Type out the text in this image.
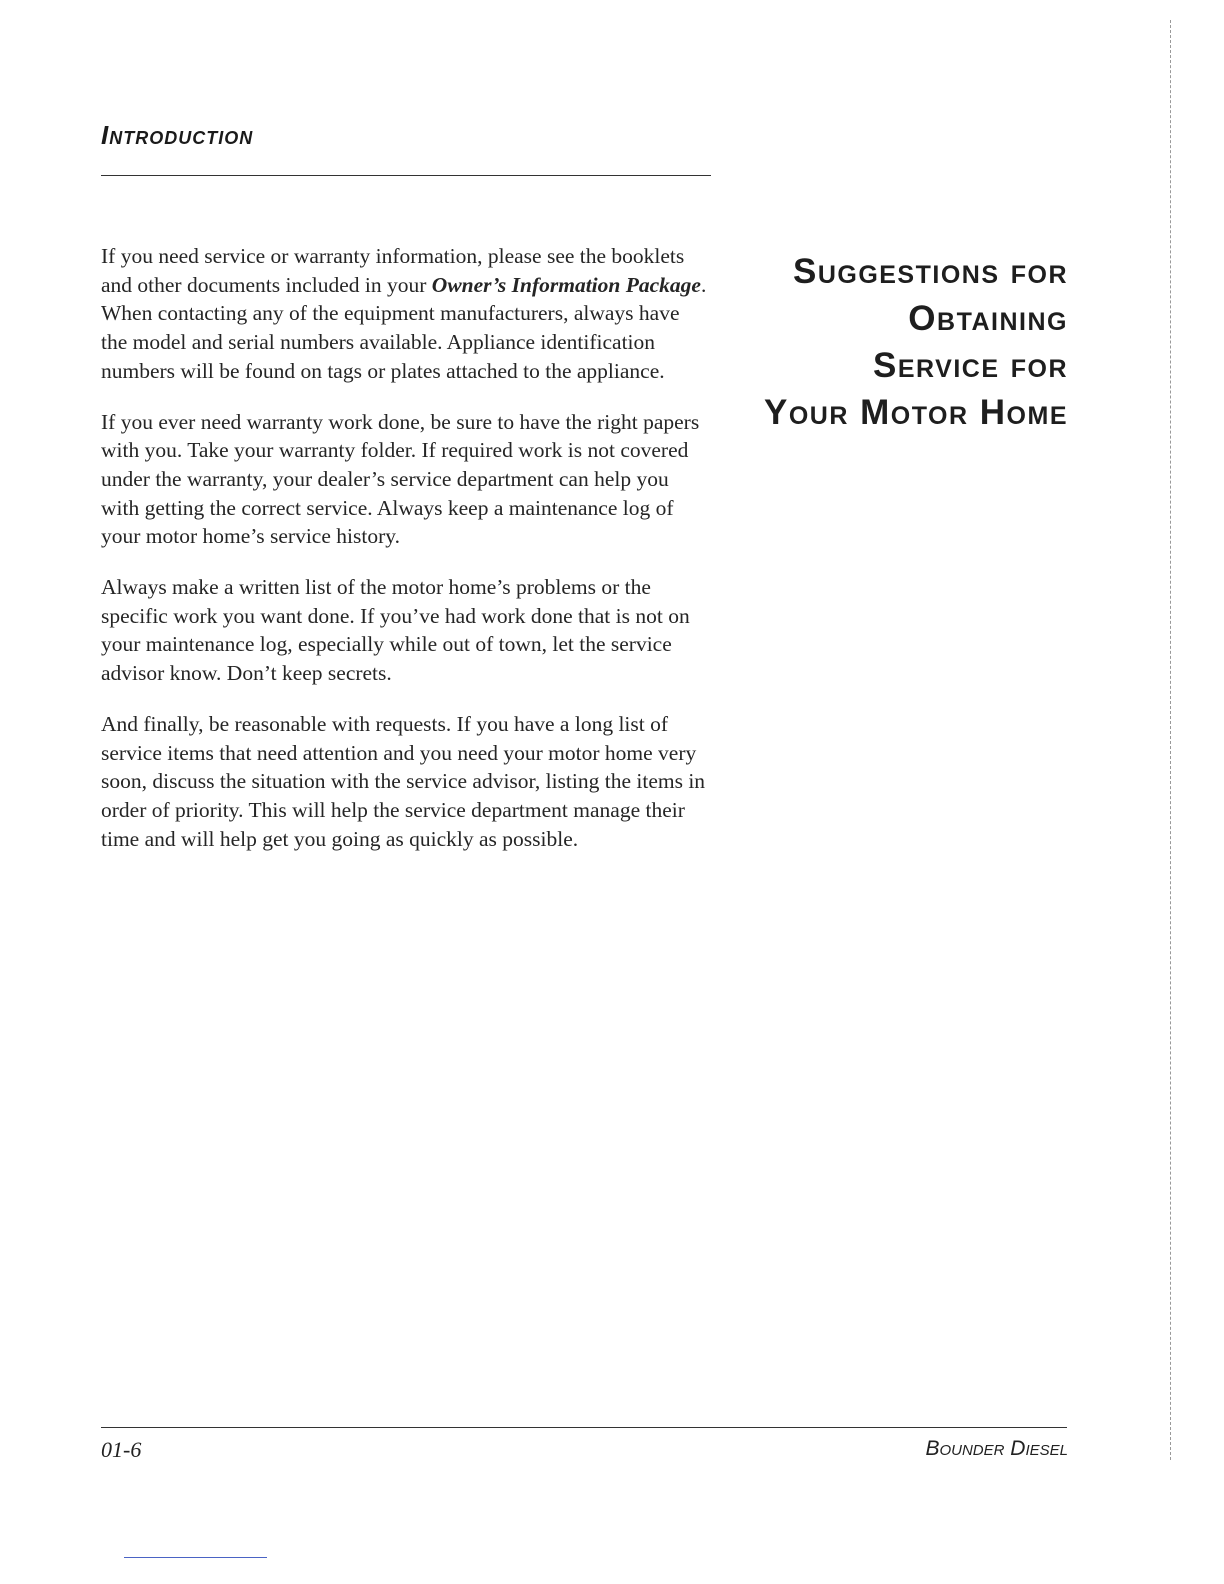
Introduction

If you need service or warranty information, please see the booklets and other documents included in your Owner’s Information Package. When contacting any of the equipment manufacturers, always have the model and serial numbers available. Appliance identification numbers will be found on tags or plates attached to the appliance.

If you ever need warranty work done, be sure to have the right papers with you. Take your warranty folder. If required work is not covered under the warranty, your dealer’s service department can help you with getting the correct service. Always keep a maintenance log of your motor home’s service history.

Always make a written list of the motor home’s problems or the specific work you want done. If you’ve had work done that is not on your maintenance log, especially while out of town, let the service advisor know. Don’t keep secrets.

And finally, be reasonable with requests. If you have a long list of service items that need attention and you need your motor home very soon, discuss the situation with the service advisor, listing the items in order of priority. This will help the service department manage their time and will help get you going as quickly as possible.

Suggestions for
Obtaining
Service for
Your Motor Home
01-6	Bounder Diesel
